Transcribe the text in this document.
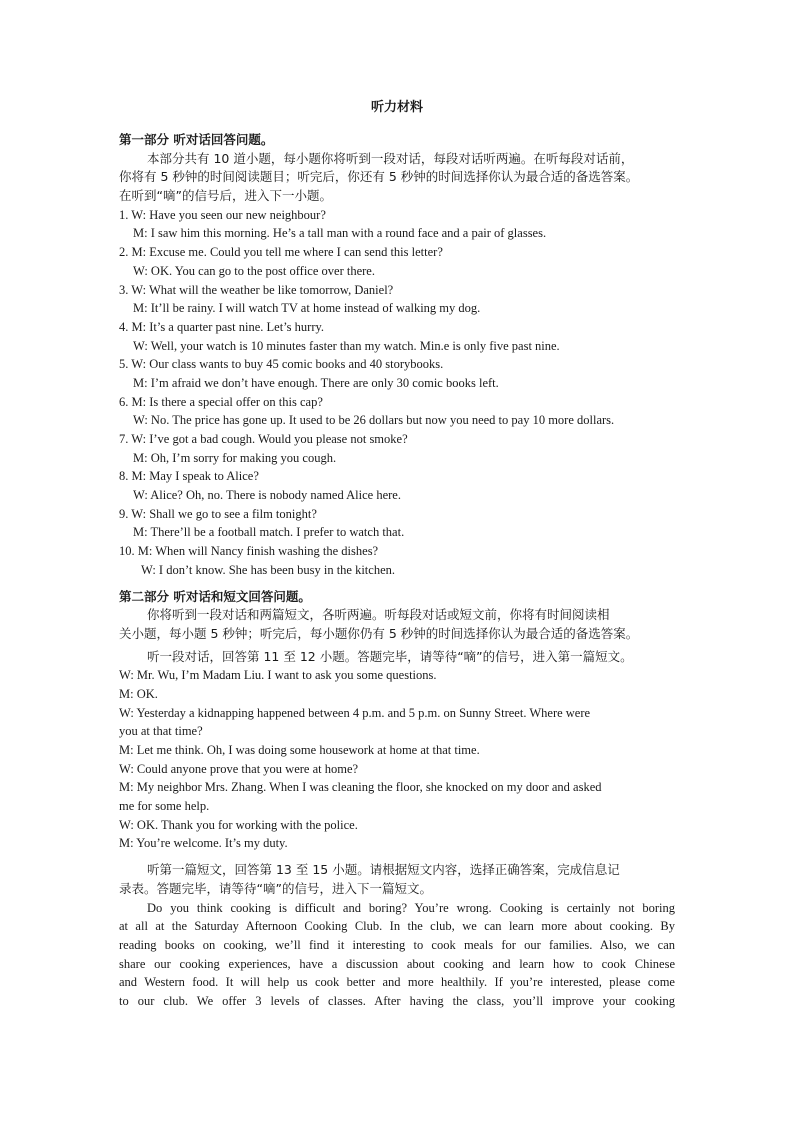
听力材料
第一部分 听对话回答问题。
本部分共有 10 道小题，每小题你将听到一段对话，每段对话听两遍。在听每段对话前，
你将有 5 秒钟的时间阅读题目；听完后，你还有 5 秒钟的时间选择你认为最合适的备选答案。
在听到“嘀”的信号后，进入下一小题。
1. W: Have you seen our new neighbour?
M: I saw him this morning. He’s a tall man with a round face and a pair of glasses.
2. M: Excuse me. Could you tell me where I can send this letter?
W: OK. You can go to the post office over there.
3. W: What will the weather be like tomorrow, Daniel?
M: It’ll be rainy. I will watch TV at home instead of walking my dog.
4. M: It’s a quarter past nine. Let’s hurry.
W: Well, your watch is 10 minutes faster than my watch. Min.e is only five past nine.
5. W: Our class wants to buy 45 comic books and 40 storybooks.
M: I’m afraid we don’t have enough. There are only 30 comic books left.
6. M: Is there a special offer on this cap?
W: No. The price has gone up. It used to be 26 dollars but now you need to pay 10 more dollars.
7. W: I’ve got a bad cough. Would you please not smoke?
M: Oh, I’m sorry for making you cough.
8. M: May I speak to Alice?
W: Alice? Oh, no. There is nobody named Alice here.
9. W: Shall we go to see a film tonight?
M: There’ll be a football match. I prefer to watch that.
10. M: When will Nancy finish washing the dishes?
W: I don’t know. She has been busy in the kitchen.
第二部分 听对话和短文回答问题。
你将听到一段对话和两篇短文，各听两遍。听每段对话或短文前，你将有时间阅读相
关小题，每小题 5 秒钟；听完后，每小题你仍有 5 秒钟的时间选择你认为最合适的备选答案。
听一段对话，回答第 11 至 12 小题。答题完毕，请等待“嘀”的信号，进入第一篇短文。
W: Mr. Wu, I’m Madam Liu. I want to ask you some questions.
M: OK.
W: Yesterday a kidnapping happened between 4 p.m. and 5 p.m. on Sunny Street. Where were
you at that time?
M: Let me think. Oh, I was doing some housework at home at that time.
W: Could anyone prove that you were at home?
M: My neighbor Mrs. Zhang. When I was cleaning the floor, she knocked on my door and asked
me for some help.
W: OK. Thank you for working with the police.
M: You’re welcome. It’s my duty.
听第一篇短文，回答第 13 至 15 小题。请根据短文内容，选择正确答案，完成信息记
录表。答题完毕，请等待“嘀”的信号，进入下一篇短文。
Do you think cooking is difficult and boring? You’re wrong. Cooking is certainly not boring
at all at the Saturday Afternoon Cooking Club. In the club, we can learn more about cooking. By
reading books on cooking, we’ll find it interesting to cook meals for our families. Also, we can
share our cooking experiences, have a discussion about cooking and learn how to cook Chinese
and Western food. It will help us cook better and more healthily. If you’re interested, please come
to our club. We offer 3 levels of classes. After having the class, you’ll improve your cooking
